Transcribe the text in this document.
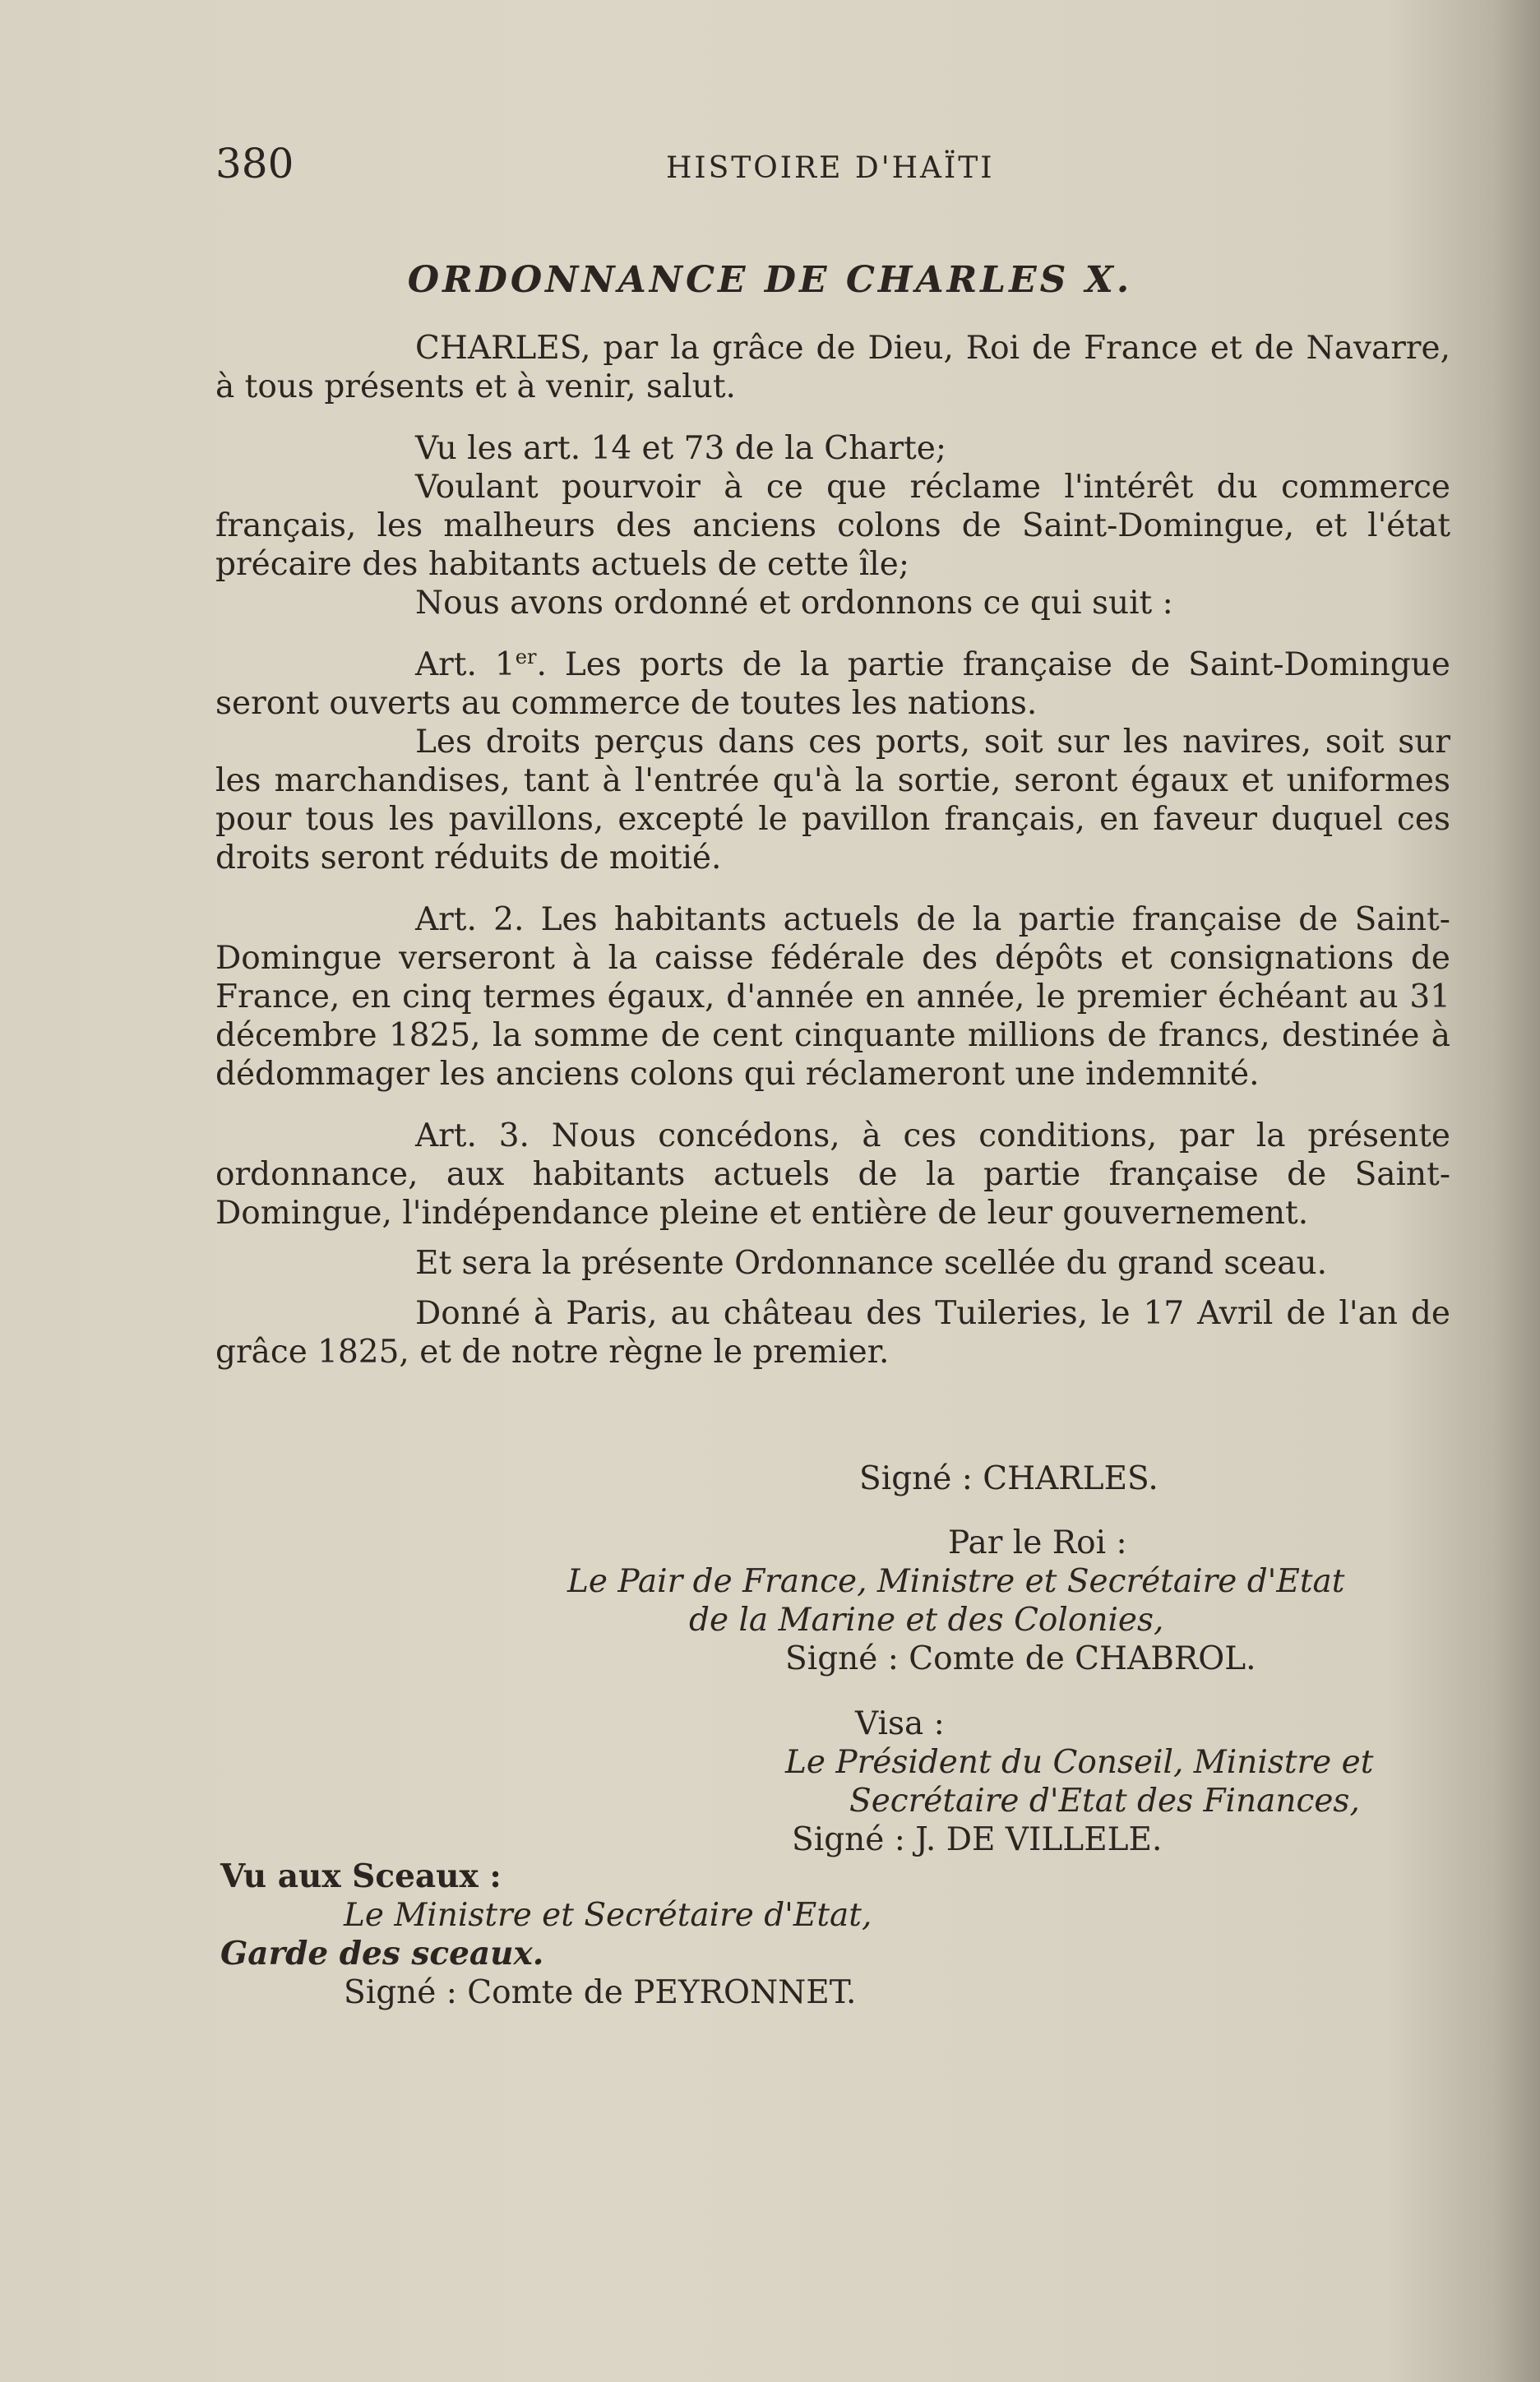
380	HISTOIRE D'HAÏTI
ORDONNANCE DE CHARLES X.

CHARLES, par la grâce de Dieu, Roi de France et de Navarre, à tous présents et à venir, salut.

Vu les art. 14 et 73 de la Charte;

Voulant pourvoir à ce que réclame l'intérêt du commerce français, les malheurs des anciens colons de Saint-Domingue, et l'état précaire des habitants actuels de cette île;

Nous avons ordonné et ordonnons ce qui suit :

Art. 1er. Les ports de la partie française de Saint-Domingue seront ouverts au commerce de toutes les nations.

Les droits perçus dans ces ports, soit sur les navires, soit sur les marchandises, tant à l'entrée qu'à la sortie, seront égaux et uniformes pour tous les pavillons, excepté le pavillon français, en faveur duquel ces droits seront réduits de moitié.

Art. 2. Les habitants actuels de la partie française de Saint-Domingue verseront à la caisse fédérale des dépôts et consignations de France, en cinq termes égaux, d'année en année, le premier échéant au 31 décembre 1825, la somme de cent cinquante millions de francs, destinée à dédommager les anciens colons qui réclameront une indemnité.

Art. 3. Nous concédons, à ces conditions, par la présente ordonnance, aux habitants actuels de la partie française de Saint-Domingue, l'indépendance pleine et entière de leur gouvernement.

Et sera la présente Ordonnance scellée du grand sceau.

Donné à Paris, au château des Tuileries, le 17 Avril de l'an de grâce 1825, et de notre règne le premier.

Signé : CHARLES.
Par le Roi :
Le Pair de France, Ministre et Secrétaire d'Etat
de la Marine et des Colonies,
Signé : Comte de CHABROL.
Visa :
Le Président du Conseil, Ministre et
Secrétaire d'Etat des Finances,
Signé : J. DE VILLELE.
Vu aux Sceaux :
Le Ministre et Secrétaire d'Etat,
Garde des sceaux.
Signé : Comte de PEYRONNET.
